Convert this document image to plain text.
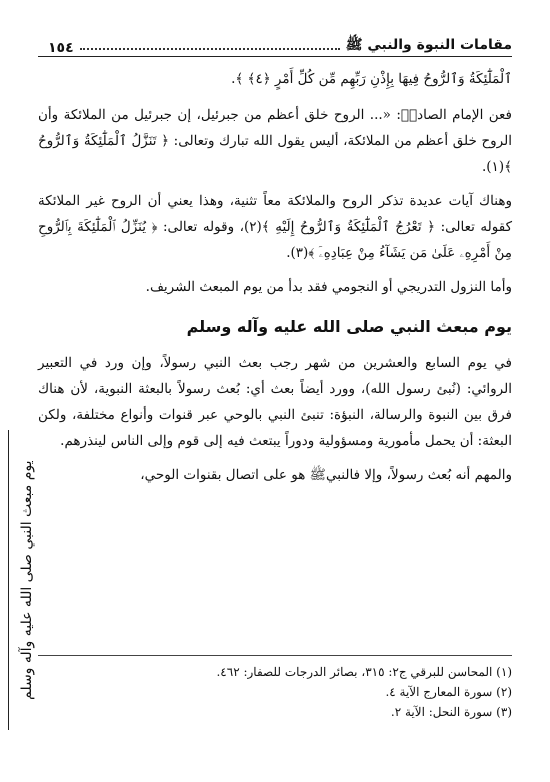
مقامات النبوة والنبي ﷺ
١٥٤

ٱلْمَلَٰٓئِكَةُ وَٱلرُّوحُ فِيهَا بِإِذْنِ رَبِّهِم مِّن كُلِّ أَمْرٍ ﴿٤﴾ ﴾.

فعن الإمام الصادقؑ: «... الروح خلق أعظم من جبرئيل، إن جبرئيل من الملائكة وأن الروح خلق أعظم من الملائكة، أليس يقول الله تبارك وتعالى: ﴿ تَنَزَّلُ ٱلْمَلَٰٓئِكَةُ وَٱلرُّوحُ ﴾(١).

وهناك آيات عديدة تذكر الروح والملائكة معاً تثنية، وهذا يعني أن الروح غير الملائكة كقوله تعالى: ﴿ تَعْرُجُ ٱلْمَلَٰٓئِكَةُ وَٱلرُّوحُ إِلَيْهِ ﴾(٢)، وقوله تعالى: ﴿ يُنَزِّلُ ٱلْمَلَٰٓئِكَةَ بِٱلرُّوحِ مِنْ أَمْرِهِۦ عَلَىٰ مَن يَشَآءُ مِنْ عِبَادِهِۦٓ ﴾(٣).

وأما النزول التدريجي أو النجومي فقد بدأ من يوم المبعث الشريف.

يوم مبعث النبي صلى الله عليه وآله وسلم

في يوم السابع والعشرين من شهر رجب بعث النبي رسولاً، وإن ورد في التعبير الروائي: (نُبئ رسول الله)، وورد أيضاً بعث أي: بُعث رسولاً بالبعثة النبوية، لأن هناك فرق بين النبوة والرسالة، النبؤة: تنبئ النبي بالوحي عبر قنوات وأنواع مختلفة، ولكن البعثة: أن يحمل مأمورية ومسؤولية ودوراً يبتعث فيه إلى قوم وإلى الناس لينذرهم.

والمهم أنه بُعث رسولاً، وإلا فالنبيﷺ هو على اتصال بقنوات الوحي،

يوم مبعث النبي صلى الله عليه وآله وسلم	(١) المحاسن للبرقي ج٢: ٣١٥، بصائر الدرجات للصفار: ٤٦٢.

(٢) سورة المعارج الآية ٤.

(٣) سورة النحل: الآية ٢.
